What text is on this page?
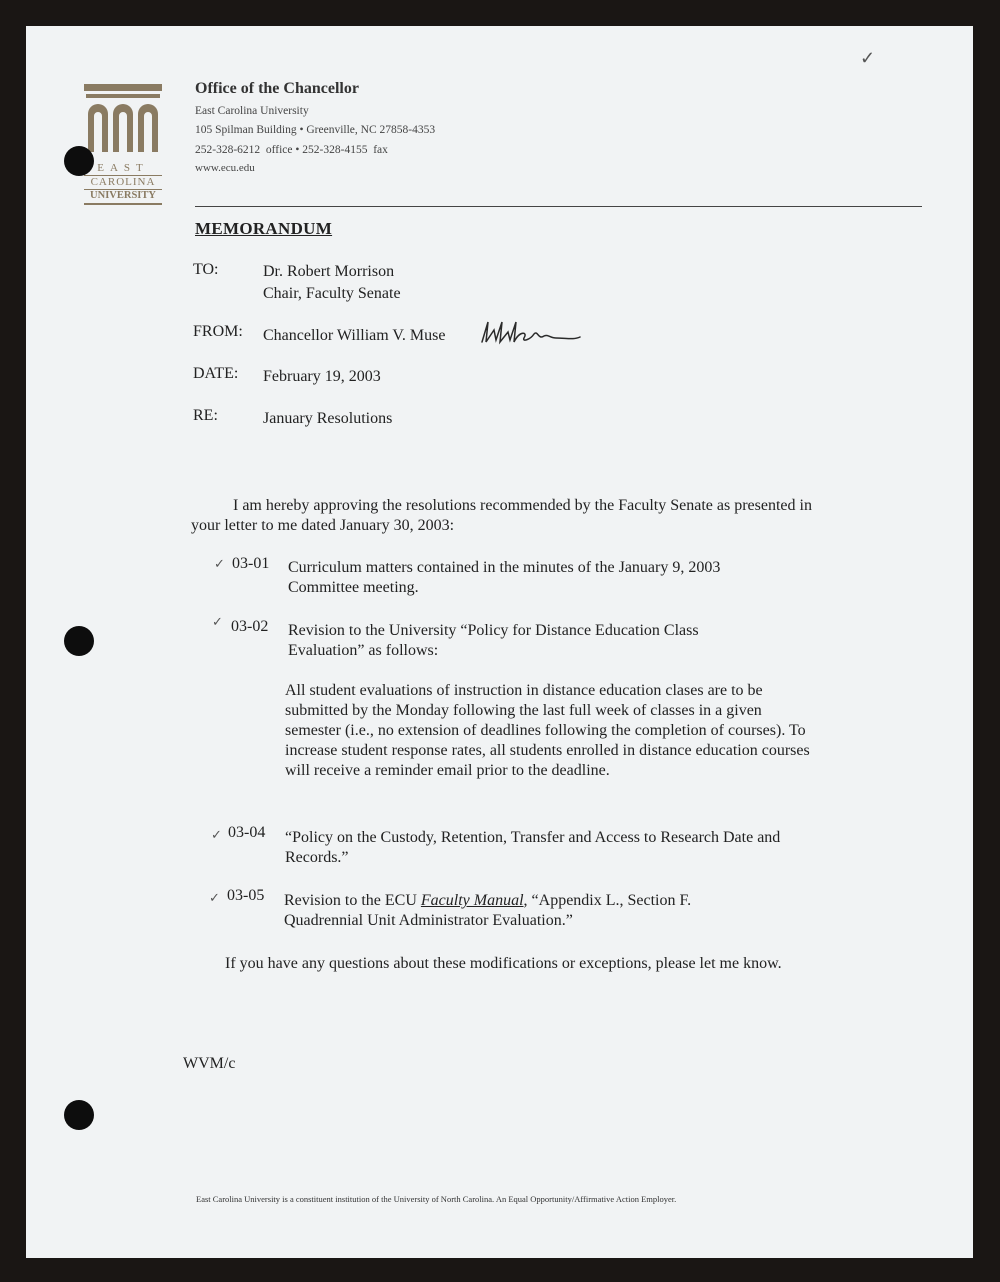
EAST
CAROLINA
UNIVERSITY
Office of the Chancellor
East Carolina University
105 Spilman Building • Greenville, NC 27858-4353
252-328-6212  office • 252-328-4155  fax
www.ecu.edu
MEMORANDUM
TO:	Dr. Robert Morrison
Chair, Faculty Senate
FROM: Chancellor William V. Muse
DATE: February 19, 2003
RE:	January Resolutions
I am hereby approving the resolutions recommended by the Faculty Senate as presented in your letter to me dated January 30, 2003:
✓ 03-01 Curriculum matters contained in the minutes of the January 9, 2003 Committee meeting.
✓ 03-02 Revision to the University “Policy for Distance Education Class Evaluation” as follows:
All student evaluations of instruction in distance education clases are to be submitted by the Monday following the last full week of classes in a given semester (i.e., no extension of deadlines following the completion of courses). To increase student response rates, all students enrolled in distance education courses will receive a reminder email prior to the deadline.
✓ 03-04 “Policy on the Custody, Retention, Transfer and Access to Research Date and Records.”
✓ 03-05 Revision to the ECU Faculty Manual, “Appendix L., Section F. Quadrennial Unit Administrator Evaluation.”
If you have any questions about these modifications or exceptions, please let me know.
WVM/c
✓
East Carolina University is a constituent institution of the University of North Carolina. An Equal Opportunity/Affirmative Action Employer.
